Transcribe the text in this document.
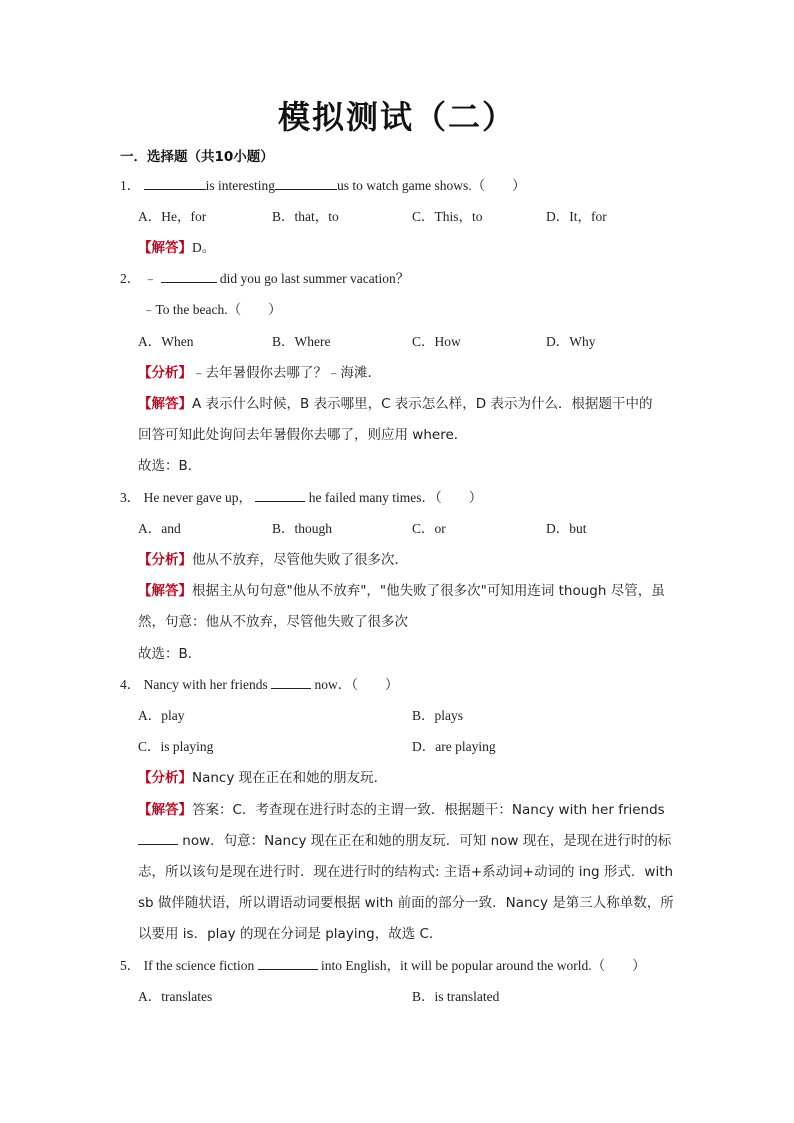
模拟测试（二）
一．选择题（共10小题）
1．	is interesting	us to watch game shows.（　　）
A．He，for	B．that，to	C．This，to	D．It，for
【解答】D。
2． ﹣	did you go last summer vacation？
﹣To the beach.（　　）
A．When	B．Where	C．How	D．Why
【分析】﹣去年暑假你去哪了？﹣海滩．
【解答】A 表示什么时候，B 表示哪里，C 表示怎么样，D 表示为什么．根据题干中的
回答可知此处询问去年暑假你去哪了，则应用 where．
故选：B．
3． He never gave up，	he failed many times．（　　）
A．and	B．though	C．or	D．but
【分析】他从不放弃，尽管他失败了很多次．
【解答】根据主从句句意"他从不放弃"，"他失败了很多次"可知用连词 though 尽管，虽
然，句意：他从不放弃，尽管他失败了很多次
故选：B．
4． Nancy with her friends	now．（　　）
A．play	B．plays
C．is playing	D．are playing
【分析】Nancy 现在正在和她的朋友玩．
【解答】答案：C．考查现在进行时态的主谓一致．根据题干：Nancy with her friends
now．句意：Nancy 现在正在和她的朋友玩．可知 now 现在，是现在进行时的标
志，所以该句是现在进行时．现在进行时的结构式: 主语+系动词+动词的 ing 形式．with
sb 做伴随状语，所以谓语动词要根据 with 前面的部分一致．Nancy 是第三人称单数，所
以要用 is．play 的现在分词是 playing，故选 C．
5． If the science fiction	into English，it will be popular around the world.（　　）
A．translates	B．is translated
